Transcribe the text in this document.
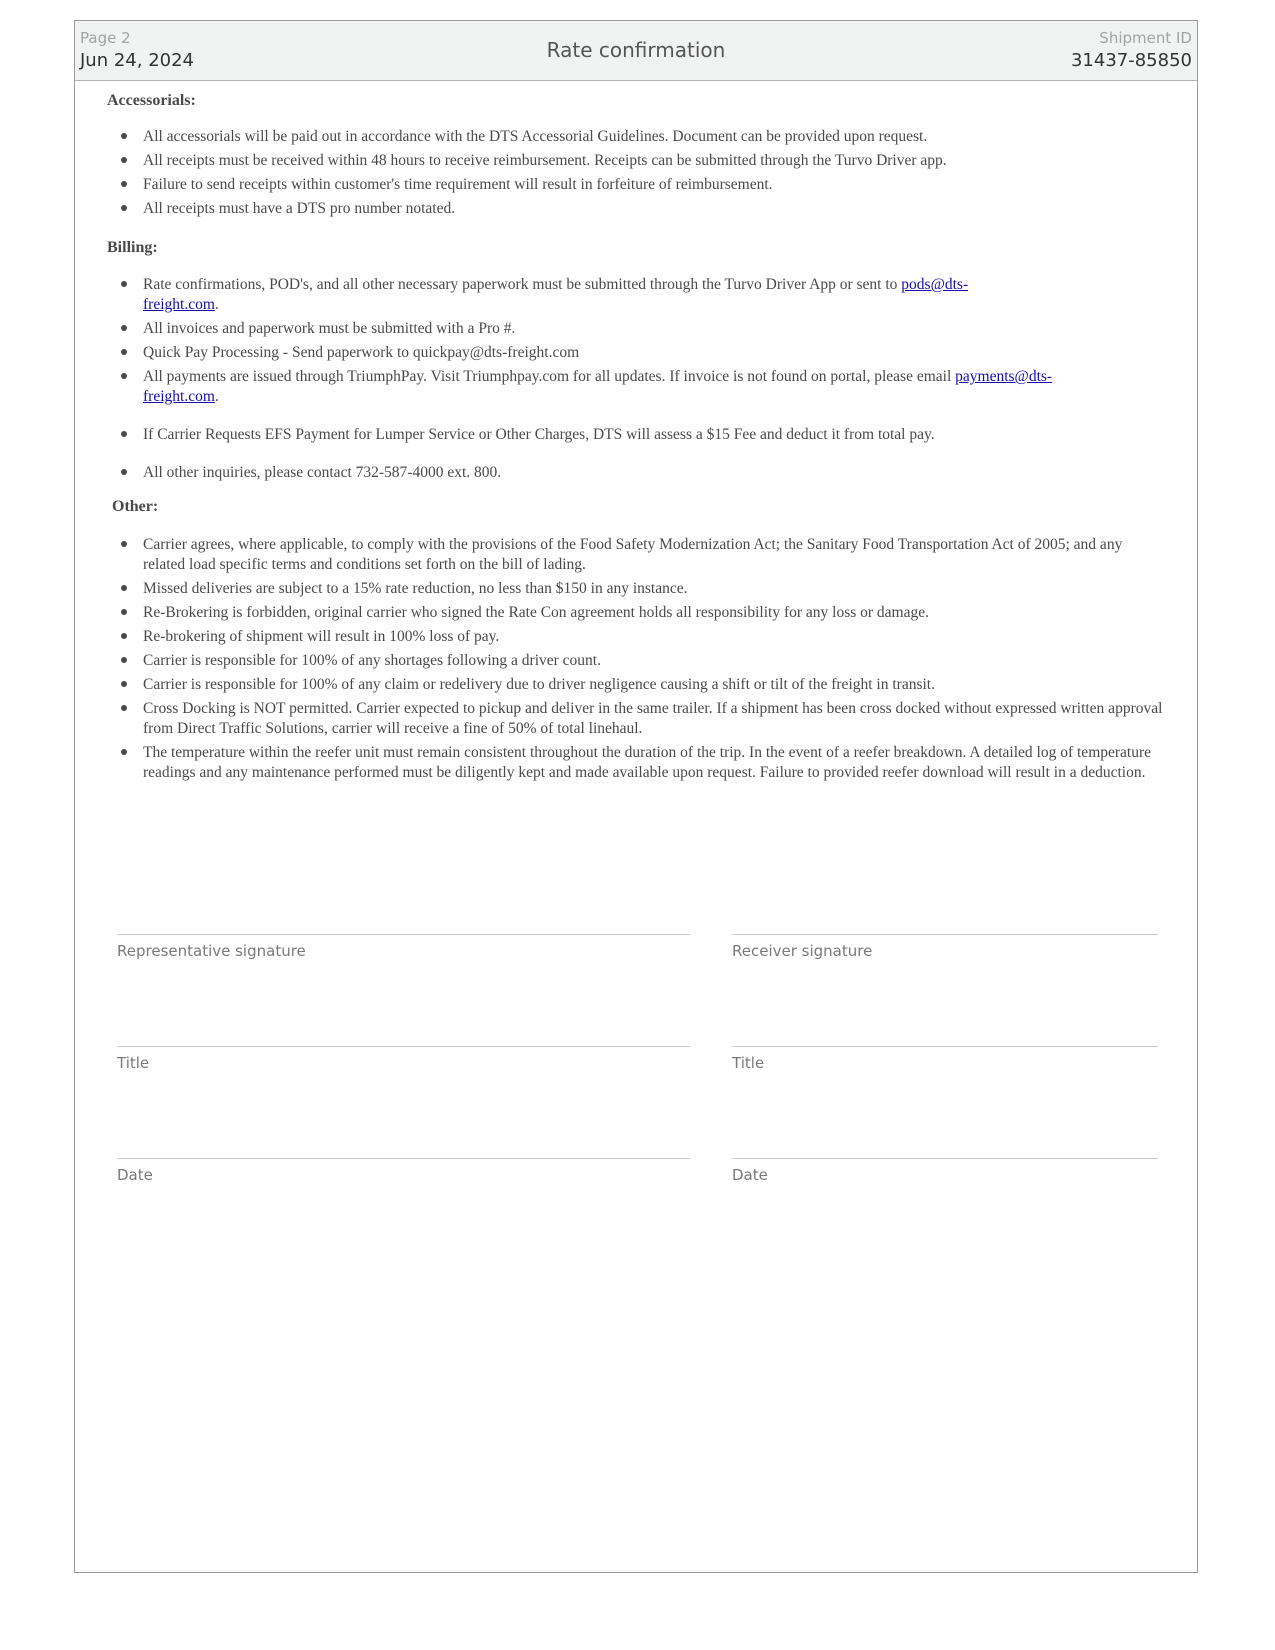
Page 2
Jun 24, 2024	Rate confirmation	Shipment ID
31437-85850
Accessorials:
All accessorials will be paid out in accordance with the DTS Accessorial Guidelines. Document can be provided upon request.
All receipts must be received within 48 hours to receive reimbursement. Receipts can be submitted through the Turvo Driver app.
Failure to send receipts within customer's time requirement will result in forfeiture of reimbursement.
All receipts must have a DTS pro number notated.
Billing:
Rate confirmations, POD's, and all other necessary paperwork must be submitted through the Turvo Driver App or sent to pods@dts-freight.com.
All invoices and paperwork must be submitted with a Pro #.
Quick Pay Processing - Send paperwork to quickpay@dts-freight.com
All payments are issued through TriumphPay. Visit Triumphpay.com for all updates. If invoice is not found on portal, please email payments@dts-freight.com.
If Carrier Requests EFS Payment for Lumper Service or Other Charges, DTS will assess a $15 Fee and deduct it from total pay.
All other inquiries, please contact 732-587-4000 ext. 800.
Other:
Carrier agrees, where applicable, to comply with the provisions of the Food Safety Modernization Act; the Sanitary Food Transportation Act of 2005; and any related load specific terms and conditions set forth on the bill of lading.
Missed deliveries are subject to a 15% rate reduction, no less than $150 in any instance.
Re-Brokering is forbidden, original carrier who signed the Rate Con agreement holds all responsibility for any loss or damage.
Re-brokering of shipment will result in 100% loss of pay.
Carrier is responsible for 100% of any shortages following a driver count.
Carrier is responsible for 100% of any claim or redelivery due to driver negligence causing a shift or tilt of the freight in transit.
Cross Docking is NOT permitted. Carrier expected to pickup and deliver in the same trailer. If a shipment has been cross docked without expressed written approval from Direct Traffic Solutions, carrier will receive a fine of 50% of total linehaul.
The temperature within the reefer unit must remain consistent throughout the duration of the trip. In the event of a reefer breakdown. A detailed log of temperature readings and any maintenance performed must be diligently kept and made available upon request. Failure to provided reefer download will result in a deduction.
Representative signature	Receiver signature
Title	Title
Date	Date
